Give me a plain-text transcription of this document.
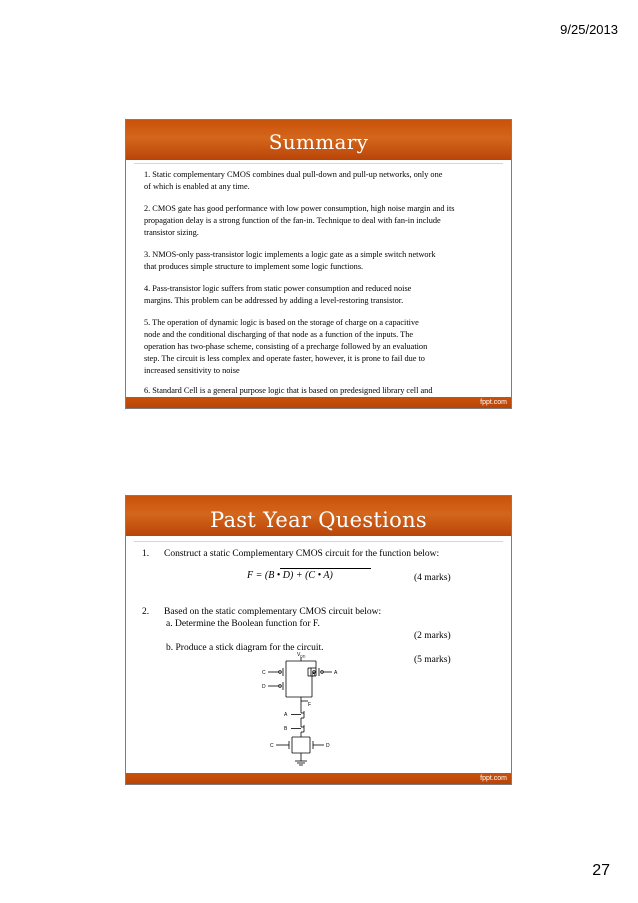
9/25/2013
Summary
1. Static complementary CMOS combines dual pull-down and pull-up networks, only one
of which is enabled at any time.
2. CMOS gate has good performance with low power consumption, high noise margin and its
propagation delay is a strong function of the fan-in. Technique to deal with fan-in include
transistor sizing.
3. NMOS-only pass-transistor logic implements a logic gate as a simple switch network
that produces simple structure to implement some logic functions.
4. Pass-transistor logic suffers from static power consumption and reduced noise
margins. This problem can be addressed by adding a level-restoring transistor.
5. The operation of dynamic logic is based on the storage of charge on a capacitive
node and the conditional discharging of that node as a function of the inputs. The
operation has two-phase scheme, consisting of a precharge followed by an evaluation
step. The circuit is less complex and operate faster, however, it is prone to fail due to
increased sensitivity to noise
6. Standard Cell is a general purpose logic that is based on predesigned library cell and

fppt.com
Past Year Questions
1. Construct a static Complementary CMOS circuit for the function below:
F = (B • D) + (C • A)	(4 marks)
2. Based on the static complementary CMOS circuit below:
a. Determine the Boolean function for F.
(2 marks)
b. Produce a stick diagram for the circuit.
(5 marks)
$V_{DD}$
C
D
B	A
F
A
B
C	D
fppt.com
27
